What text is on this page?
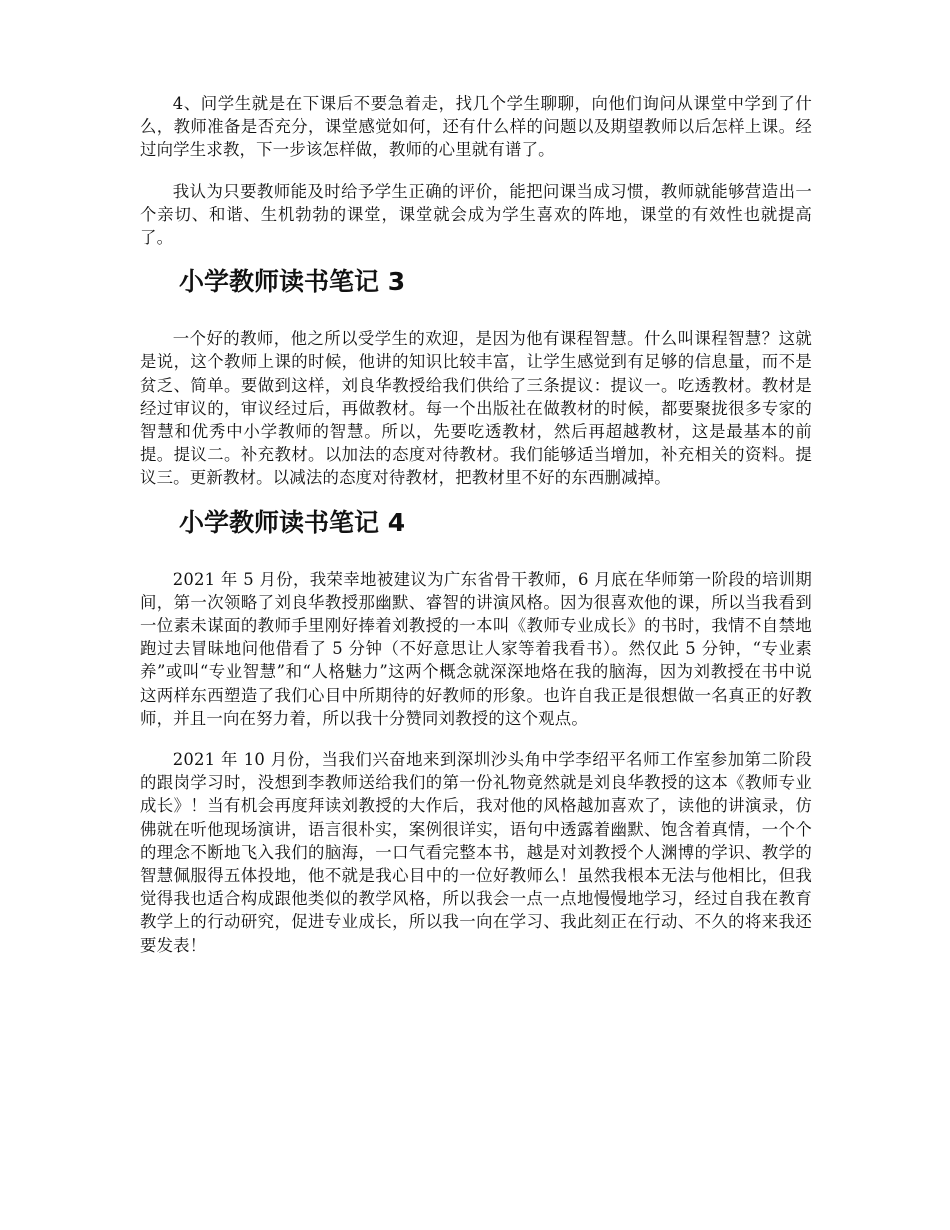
4、问学生就是在下课后不要急着走，找几个学生聊聊，向他们询问从课堂中学到了什么，教师准备是否充分，课堂感觉如何，还有什么样的问题以及期望教师以后怎样上课。经过向学生求教，下一步该怎样做，教师的心里就有谱了。

我认为只要教师能及时给予学生正确的评价，能把问课当成习惯，教师就能够营造出一个亲切、和谐、生机勃勃的课堂，课堂就会成为学生喜欢的阵地，课堂的有效性也就提高了。

小学教师读书笔记 3

一个好的教师，他之所以受学生的欢迎，是因为他有课程智慧。什么叫课程智慧？这就是说，这个教师上课的时候，他讲的知识比较丰富，让学生感觉到有足够的信息量，而不是贫乏、简单。要做到这样，刘良华教授给我们供给了三条提议：提议一。吃透教材。教材是经过审议的，审议经过后，再做教材。每一个出版社在做教材的时候，都要聚拢很多专家的智慧和优秀中小学教师的智慧。所以，先要吃透教材，然后再超越教材，这是最基本的前提。提议二。补充教材。以加法的态度对待教材。我们能够适当增加，补充相关的资料。提议三。更新教材。以减法的态度对待教材，把教材里不好的东西删减掉。

小学教师读书笔记 4

2021 年 5 月份，我荣幸地被建议为广东省骨干教师，6 月底在华师第一阶段的培训期间，第一次领略了刘良华教授那幽默、睿智的讲演风格。因为很喜欢他的课，所以当我看到一位素未谋面的教师手里刚好捧着刘教授的一本叫《教师专业成长》的书时，我情不自禁地跑过去冒昧地问他借看了 5 分钟（不好意思让人家等着我看书）。然仅此 5 分钟，“专业素养”或叫“专业智慧”和“人格魅力”这两个概念就深深地烙在我的脑海，因为刘教授在书中说这两样东西塑造了我们心目中所期待的好教师的形象。也许自我正是很想做一名真正的好教师，并且一向在努力着，所以我十分赞同刘教授的这个观点。

2021 年 10 月份，当我们兴奋地来到深圳沙头角中学李绍平名师工作室参加第二阶段的跟岗学习时，没想到李教师送给我们的第一份礼物竟然就是刘良华教授的这本《教师专业成长》！当有机会再度拜读刘教授的大作后，我对他的风格越加喜欢了，读他的讲演录，仿佛就在听他现场演讲，语言很朴实，案例很详实，语句中透露着幽默、饱含着真情，一个个的理念不断地飞入我们的脑海，一口气看完整本书，越是对刘教授个人渊博的学识、教学的智慧佩服得五体投地，他不就是我心目中的一位好教师么！虽然我根本无法与他相比，但我觉得我也适合构成跟他类似的教学风格，所以我会一点一点地慢慢地学习，经过自我在教育教学上的行动研究，促进专业成长，所以我一向在学习、我此刻正在行动、不久的将来我还要发表！
